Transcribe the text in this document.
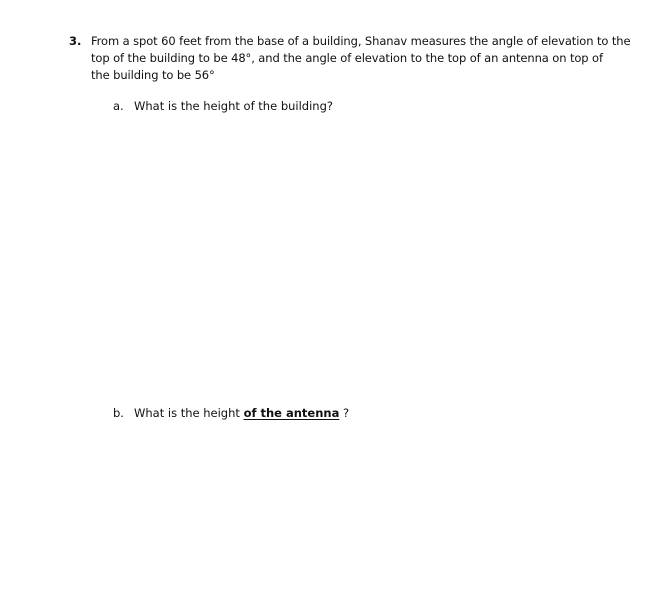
3. From a spot 60 feet from the base of a building, Shanav measures the angle of elevation to the
top of the building to be 48°, and the angle of elevation to the top of an antenna on top of
the building to be 56°
a. What is the height of the building?
b. What is the height of the antenna ?
